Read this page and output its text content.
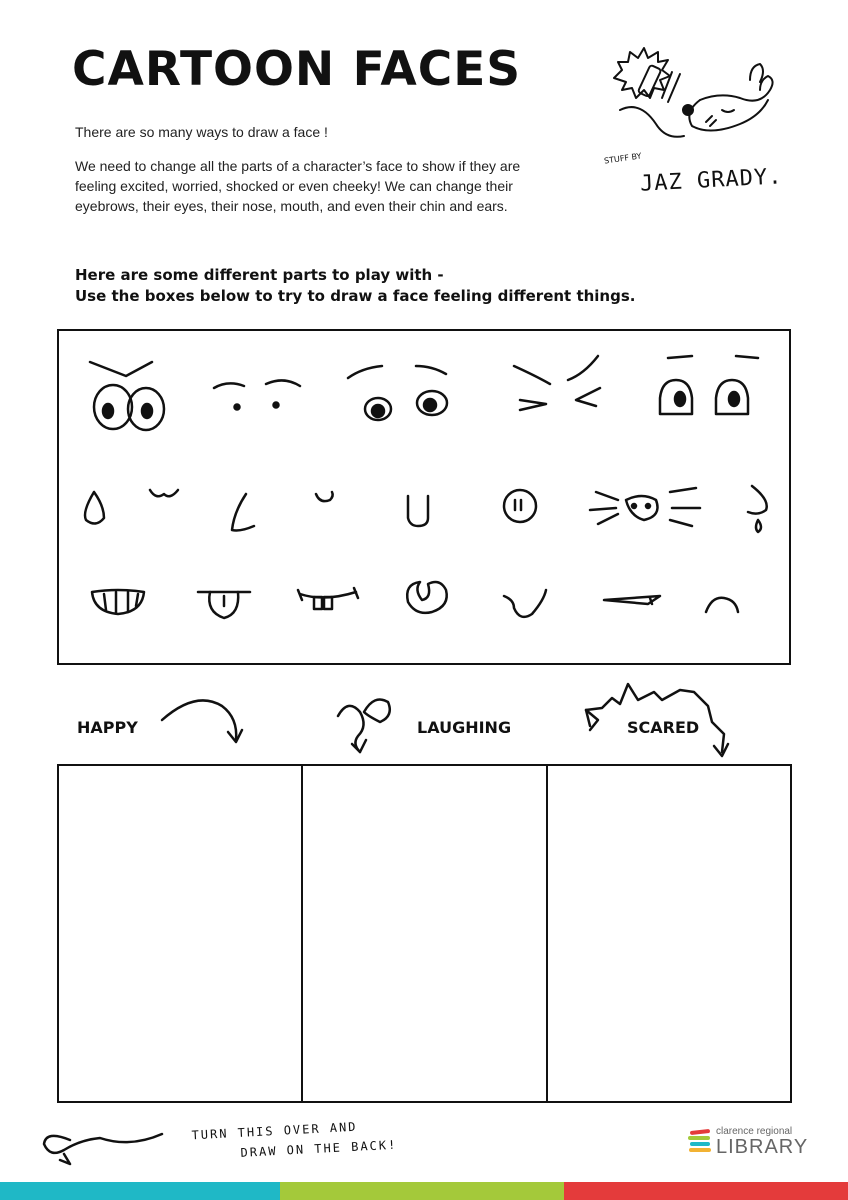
CARTOON FACES

There are so many ways to draw a face !

We need to change all the parts of a character’s face to show if they are feeling excited, worried, shocked or even cheeky! We can change their eyebrows, their eyes, their nose, mouth, and even their chin and ears.

STUFF BY
JAZ GRADY.
Here are some different parts to play with -
Use the boxes below to try to draw a face feeling different things.
HAPPY	LAUGHING	SCARED
TURN THIS OVER AND
DRAW ON THE BACK!
clarence regional
LIBRARY
